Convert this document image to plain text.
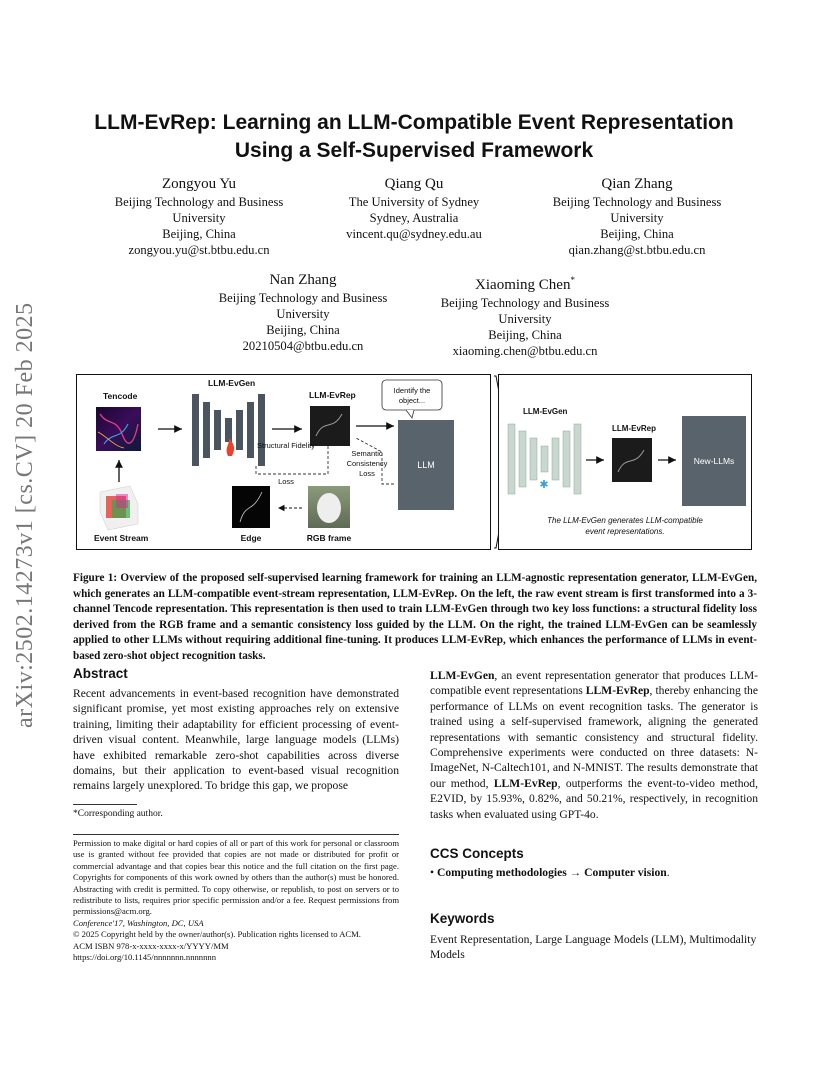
arXiv:2502.14273v1 [cs.CV] 20 Feb 2025
LLM-EvRep: Learning an LLM-Compatible Event Representation
Using a Self-Supervised Framework
Zongyou Yu
Beijing Technology and Business
University
Beijing, China
zongyou.yu@st.btbu.edu.cn
Qiang Qu
The University of Sydney
Sydney, Australia
vincent.qu@sydney.edu.au
Qian Zhang
Beijing Technology and Business
University
Beijing, China
qian.zhang@st.btbu.edu.cn
Nan Zhang
Beijing Technology and Business
University
Beijing, China
20210504@btbu.edu.cn
Xiaoming Chen*
Beijing Technology and Business
University
Beijing, China
xiaoming.chen@btbu.edu.cn
Tencode
Event Stream
LLM-EvGen
LLM-EvRep	Identify the
object...
LLM
Semantic
Consistency
Loss
Structural Fidelity
Loss
Edge	RGB frame
LLM-EvGen
✱
LLM-EvRep
New-LLMs
The LLM-EvGen generates LLM-compatible
event representations.
Figure 1: Overview of the proposed self-supervised learning framework for training an LLM-agnostic representation generator, LLM-EvGen, which generates an LLM-compatible event-stream representation, LLM-EvRep. On the left, the raw event stream is first transformed into a 3-channel Tencode representation. This representation is then used to train LLM-EvGen through two key loss functions: a structural fidelity loss derived from the RGB frame and a semantic consistency loss guided by the LLM. On the right, the trained LLM-EvGen can be seamlessly applied to other LLMs without requiring additional fine-tuning. It produces LLM-EvRep, which enhances the performance of LLMs in event-based zero-shot object recognition tasks.
Abstract
Recent advancements in event-based recognition have demonstrated significant promise, yet most existing approaches rely on extensive training, limiting their adaptability for efficient processing of event-driven visual content. Meanwhile, large language models (LLMs) have exhibited remarkable zero-shot capabilities across diverse domains, but their application to event-based visual recognition remains largely unexplored. To bridge this gap, we propose
*Corresponding author.
Permission to make digital or hard copies of all or part of this work for personal or classroom use is granted without fee provided that copies are not made or distributed for profit or commercial advantage and that copies bear this notice and the full citation on the first page. Copyrights for components of this work owned by others than the author(s) must be honored. Abstracting with credit is permitted. To copy otherwise, or republish, to post on servers or to redistribute to lists, requires prior specific permission and/or a fee. Request permissions from permissions@acm.org.
Conference'17, Washington, DC, USA
© 2025 Copyright held by the owner/author(s). Publication rights licensed to ACM.
ACM ISBN 978-x-xxxx-xxxx-x/YYYY/MM
https://doi.org/10.1145/nnnnnnn.nnnnnnn
LLM-EvGen, an event representation generator that produces LLM-compatible event representations LLM-EvRep, thereby enhancing the performance of LLMs on event recognition tasks. The generator is trained using a self-supervised framework, aligning the generated representations with semantic consistency and structural fidelity. Comprehensive experiments were conducted on three datasets: N-ImageNet, N-Caltech101, and N-MNIST. The results demonstrate that our method, LLM-EvRep, outperforms the event-to-video method, E2VID, by 15.93%, 0.82%, and 50.21%, respectively, in recognition tasks when evaluated using GPT-4o.
CCS Concepts
• Computing methodologies → Computer vision.
Keywords
Event Representation, Large Language Models (LLM), Multimodality Models
